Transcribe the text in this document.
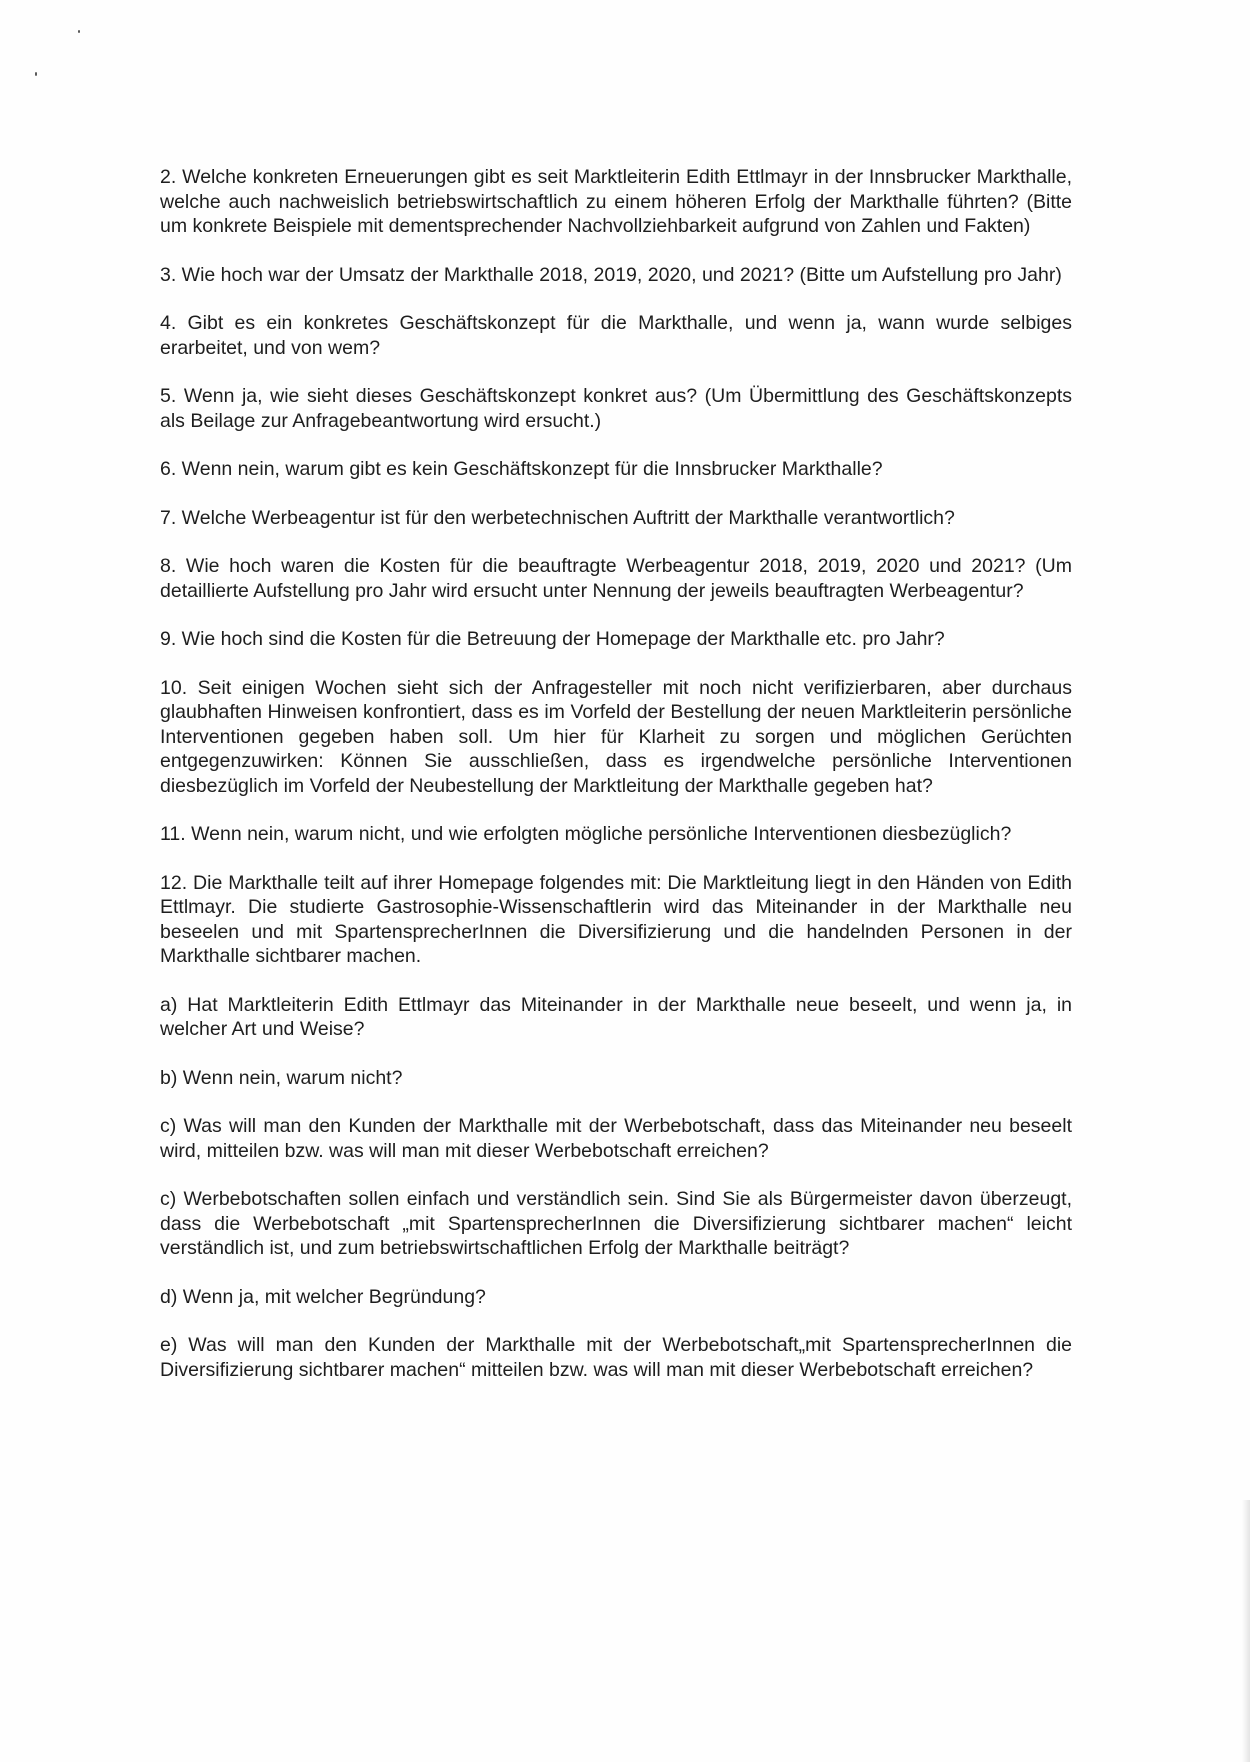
2. Welche konkreten Erneuerungen gibt es seit Marktleiterin Edith Ettlmayr in der Innsbrucker Markthalle, welche auch nachweislich betriebswirtschaftlich zu einem höheren Erfolg der Markthalle führten? (Bitte um konkrete Beispiele mit dementsprechender Nachvollziehbarkeit aufgrund von Zahlen und Fakten)

3. Wie hoch war der Umsatz der Markthalle 2018, 2019, 2020, und 2021? (Bitte um Aufstellung pro Jahr)

4. Gibt es ein konkretes Geschäftskonzept für die Markthalle, und wenn ja, wann wurde selbiges erarbeitet, und von wem?

5. Wenn ja, wie sieht dieses Geschäftskonzept konkret aus? (Um Übermittlung des Geschäftskonzepts als Beilage zur Anfragebeantwortung wird ersucht.)

6. Wenn nein, warum gibt es kein Geschäftskonzept für die Innsbrucker Markthalle?

7. Welche Werbeagentur ist für den werbetechnischen Auftritt der Markthalle verantwortlich?

8. Wie hoch waren die Kosten für die beauftragte Werbeagentur 2018, 2019, 2020 und 2021? (Um detaillierte Aufstellung pro Jahr wird ersucht unter Nennung der jeweils beauftragten Werbeagentur?

9. Wie hoch sind die Kosten für die Betreuung der Homepage der Markthalle etc. pro Jahr?

10. Seit einigen Wochen sieht sich der Anfragesteller mit noch nicht verifizierbaren, aber durchaus glaubhaften Hinweisen konfrontiert, dass es im Vorfeld der Bestellung der neuen Marktleiterin persönliche Interventionen gegeben haben soll. Um hier für Klarheit zu sorgen und möglichen Gerüchten entgegenzuwirken: Können Sie ausschließen, dass es irgendwelche persönliche Interventionen diesbezüglich im Vorfeld der Neubestellung der Marktleitung der Markthalle gegeben hat?

11. Wenn nein, warum nicht, und wie erfolgten mögliche persönliche Interventionen diesbezüglich?

12. Die Markthalle teilt auf ihrer Homepage folgendes mit: Die Marktleitung liegt in den Händen von Edith Ettlmayr. Die studierte Gastrosophie-Wissenschaftlerin wird das Miteinander in der Markthalle neu beseelen und mit SpartensprecherInnen die Diversifizierung und die handelnden Personen in der Markthalle sichtbarer machen.

a) Hat Marktleiterin Edith Ettlmayr das Miteinander in der Markthalle neue beseelt, und wenn ja, in welcher Art und Weise?

b) Wenn nein, warum nicht?

c) Was will man den Kunden der Markthalle mit der Werbebotschaft, dass das Miteinander neu beseelt wird, mitteilen bzw. was will man mit dieser Werbebotschaft erreichen?

c) Werbebotschaften sollen einfach und verständlich sein. Sind Sie als Bürgermeister davon überzeugt, dass die Werbebotschaft „mit SpartensprecherInnen die Diversifizierung sichtbarer machen“ leicht verständlich ist, und zum betriebswirtschaftlichen Erfolg der Markthalle beiträgt?

d) Wenn ja, mit welcher Begründung?

e) Was will man den Kunden der Markthalle mit der Werbebotschaft„mit SpartensprecherInnen die Diversifizierung sichtbarer machen“ mitteilen bzw. was will man mit dieser Werbebotschaft erreichen?
